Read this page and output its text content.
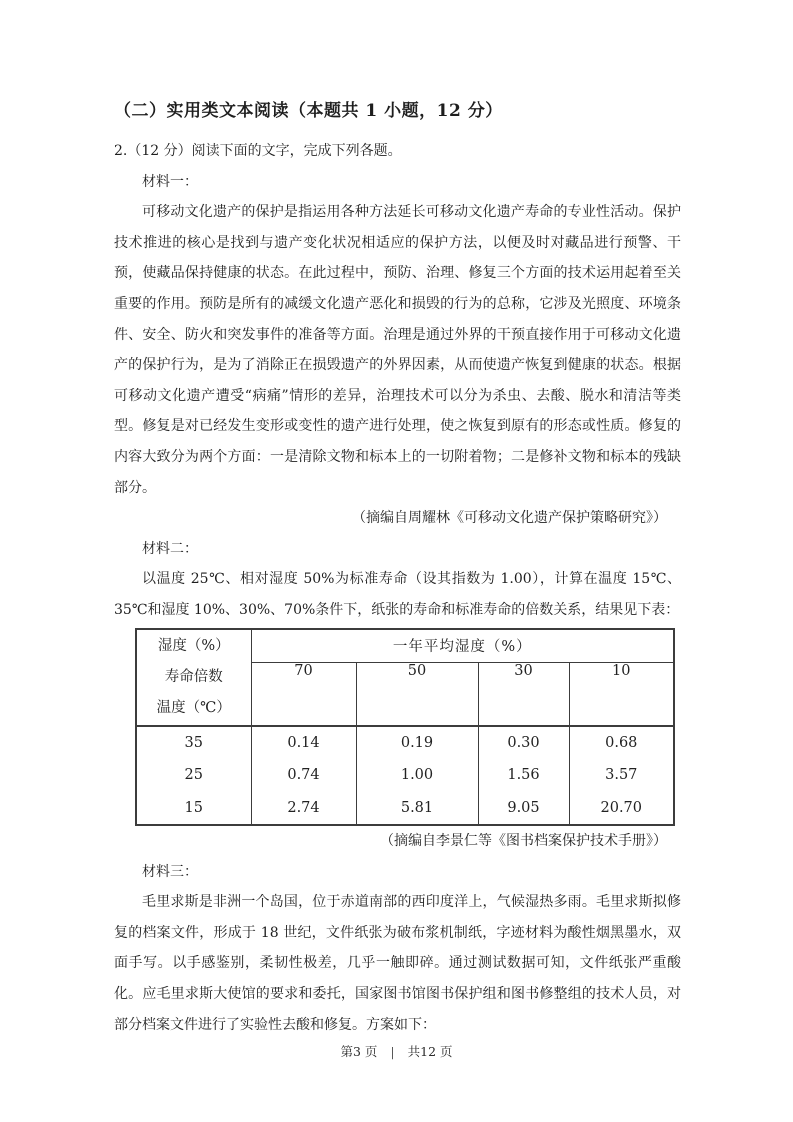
（二）实用类文本阅读（本题共 1 小题，12 分）
2.（12 分）阅读下面的文字，完成下列各题。
材料一：

可移动文化遗产的保护是指运用各种方法延长可移动文化遗产寿命的专业性活动。保护技术推进的核心是找到与遗产变化状况相适应的保护方法，以便及时对藏品进行预警、干预，使藏品保持健康的状态。在此过程中，预防、治理、修复三个方面的技术运用起着至关重要的作用。预防是所有的减缓文化遗产恶化和损毁的行为的总称，它涉及光照度、环境条件、安全、防火和突发事件的准备等方面。治理是通过外界的干预直接作用于可移动文化遗产的保护行为，是为了消除正在损毁遗产的外界因素，从而使遗产恢复到健康的状态。根据可移动文化遗产遭受“病痛”情形的差异，治理技术可以分为杀虫、去酸、脱水和清洁等类型。修复是对已经发生变形或变性的遗产进行处理，使之恢复到原有的形态或性质。修复的内容大致分为两个方面：一是清除文物和标本上的一切附着物；二是修补文物和标本的残缺部分。

（摘编自周耀林《可移动文化遗产保护策略研究》）
材料二：

以温度 25℃、相对湿度 50%为标准寿命（设其指数为 1.00），计算在温度 15℃、35℃和湿度 10%、30%、70%条件下，纸张的寿命和标准寿命的倍数关系，结果见下表：

湿度（%）
寿命倍数
温度（℃）	一年平均湿度（%）			
	70	50	30	10
35	0.14	0.19	0.30	0.68
25	0.74	1.00	1.56	3.57
15	2.74	5.81	9.05	20.70
（摘编自李景仁等《图书档案保护技术手册》）
材料三：

毛里求斯是非洲一个岛国，位于赤道南部的西印度洋上，气候湿热多雨。毛里求斯拟修复的档案文件，形成于 18 世纪，文件纸张为破布浆机制纸，字迹材料为酸性烟黑墨水，双面手写。以手感鉴别，柔韧性极差，几乎一触即碎。通过测试数据可知，文件纸张严重酸化。应毛里求斯大使馆的要求和委托，国家图书馆图书保护组和图书修整组的技术人员，对部分档案文件进行了实验性去酸和修复。方案如下：

第3 页 | 共12 页
